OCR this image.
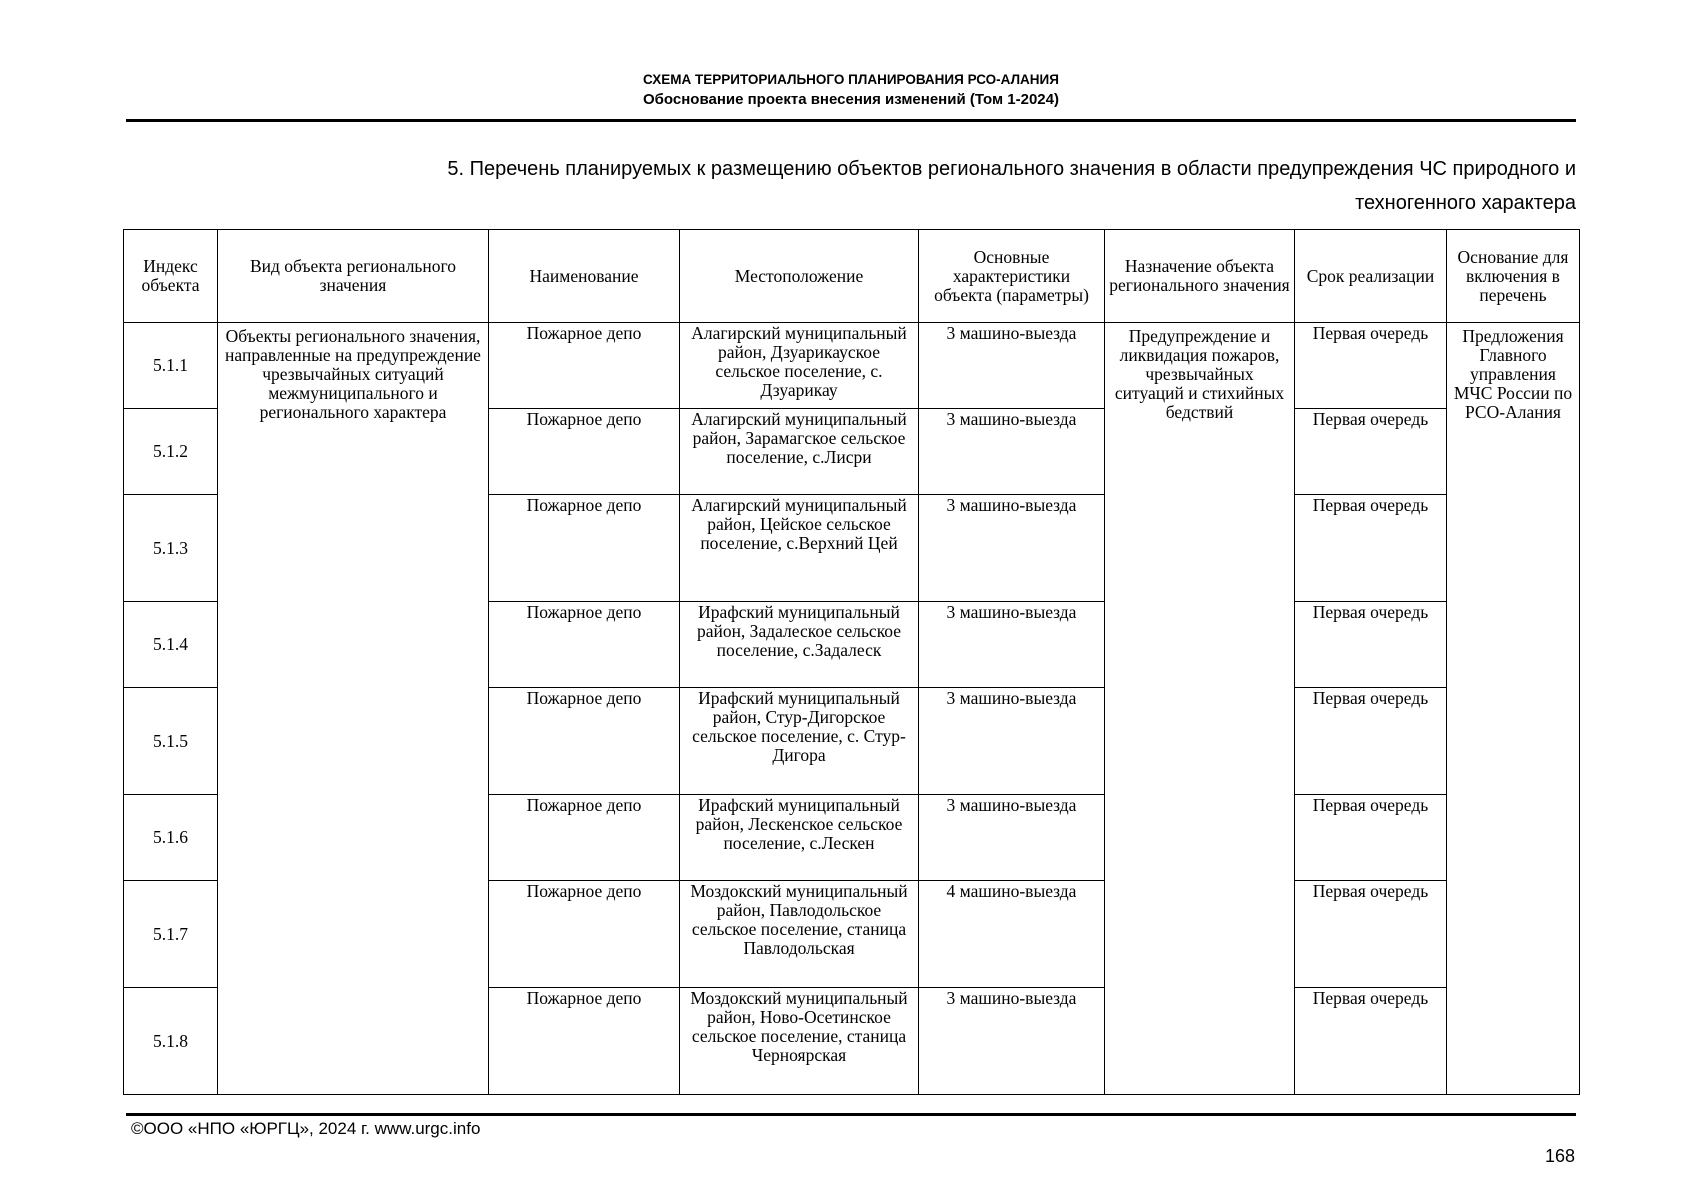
СХЕМА ТЕРРИТОРИАЛЬНОГО ПЛАНИРОВАНИЯ РСО-АЛАНИЯ
Обоснование проекта внесения изменений (Том 1-2024)
5. Перечень планируемых к размещению объектов регионального значения в области предупреждения ЧС природного и
техногенного характера
Индекс объекта	Вид объекта регионального значения	Наименование	Местоположение	Основные характеристики объекта (параметры)	Назначение объекта регионального значения	Срок реализации	Основание для включения в перечень
5.1.1	Объекты регионального значения, направленные на предупреждение чрезвычайных ситуаций межмуниципального и регионального характера	Пожарное депо	Алагирский муниципальный район, Дзуарикауское сельское поселение, с. Дзуарикау	3 машино-выезда	Предупреждение и ликвидация пожаров, чрезвычайных ситуаций и стихийных бедствий	Первая очередь	Предложения Главного управления МЧС России по РСО-Алания
5.1.2		Пожарное депо	Алагирский муниципальный район, Зарамагское сельское поселение, с.Лисри	3 машино-выезда		Первая очередь	
5.1.3		Пожарное депо	Алагирский муниципальный район, Цейское сельское поселение, с.Верхний Цей	3 машино-выезда		Первая очередь	
5.1.4		Пожарное депо	Ирафский муниципальный район, Задалеское сельское поселение, с.Задалеск	3 машино-выезда		Первая очередь	
5.1.5		Пожарное депо	Ирафский муниципальный район, Стур-Дигорское сельское поселение, с. Стур-Дигора	3 машино-выезда		Первая очередь	
5.1.6		Пожарное депо	Ирафский муниципальный район, Лескенское сельское поселение, с.Лескен	3 машино-выезда		Первая очередь	
5.1.7		Пожарное депо	Моздокский муниципальный район, Павлодольское сельское поселение, станица Павлодольская	4 машино-выезда		Первая очередь	
5.1.8		Пожарное депо	Моздокский муниципальный район, Ново-Осетинское сельское поселение, станица Черноярская	3 машино-выезда		Первая очередь	
©ООО «НПО «ЮРГЦ», 2024 г. www.urgc.info
168
